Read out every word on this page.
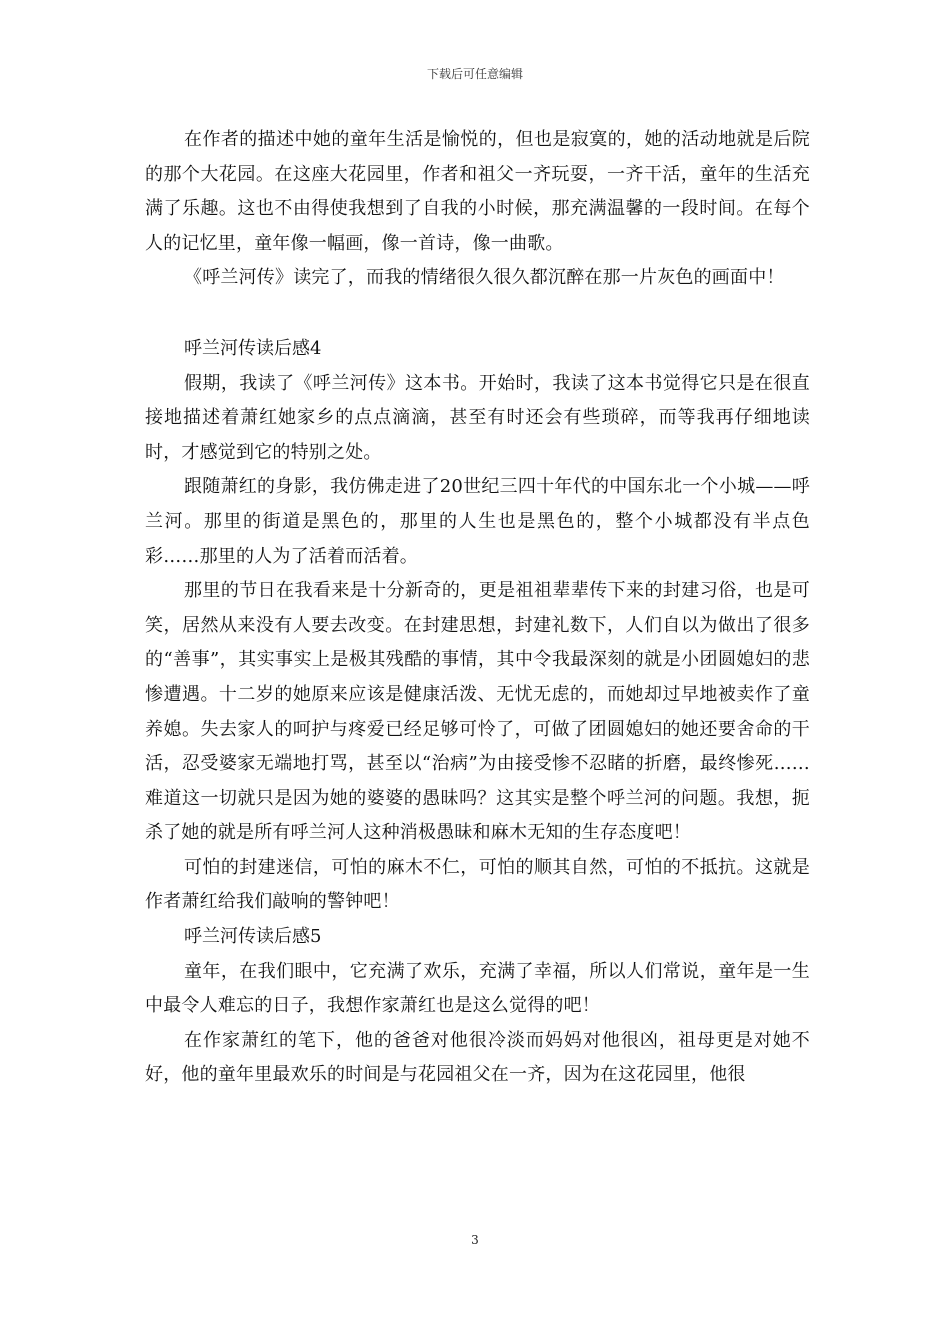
下载后可任意编辑

在作者的描述中她的童年生活是愉悦的，但也是寂寞的，她的活动地就是后院的那个大花园。在这座大花园里，作者和祖父一齐玩耍，一齐干活，童年的生活充满了乐趣。这也不由得使我想到了自我的小时候，那充满温馨的一段时间。在每个人的记忆里，童年像一幅画，像一首诗，像一曲歌。

《呼兰河传》读完了，而我的情绪很久很久都沉醉在那一片灰色的画面中！

呼兰河传读后感4

假期，我读了《呼兰河传》这本书。开始时，我读了这本书觉得它只是在很直接地描述着萧红她家乡的点点滴滴，甚至有时还会有些琐碎，而等我再仔细地读时，才感觉到它的特别之处。

跟随萧红的身影，我仿佛走进了20世纪三四十年代的中国东北一个小城——呼兰河。那里的街道是黑色的，那里的人生也是黑色的，整个小城都没有半点色彩……那里的人为了活着而活着。

那里的节日在我看来是十分新奇的，更是祖祖辈辈传下来的封建习俗，也是可笑，居然从来没有人要去改变。在封建思想，封建礼数下，人们自以为做出了很多的“善事”，其实事实上是极其残酷的事情，其中令我最深刻的就是小团圆媳妇的悲惨遭遇。十二岁的她原来应该是健康活泼、无忧无虑的，而她却过早地被卖作了童养媳。失去家人的呵护与疼爱已经足够可怜了，可做了团圆媳妇的她还要舍命的干活，忍受婆家无端地打骂，甚至以“治病”为由接受惨不忍睹的折磨，最终惨死……难道这一切就只是因为她的婆婆的愚昧吗？这其实是整个呼兰河的问题。我想，扼杀了她的就是所有呼兰河人这种消极愚昧和麻木无知的生存态度吧！

可怕的封建迷信，可怕的麻木不仁，可怕的顺其自然，可怕的不抵抗。这就是作者萧红给我们敲响的警钟吧！

呼兰河传读后感5

童年，在我们眼中，它充满了欢乐，充满了幸福，所以人们常说，童年是一生中最令人难忘的日子，我想作家萧红也是这么觉得的吧！

在作家萧红的笔下，他的爸爸对他很冷淡而妈妈对他很凶，祖母更是对她不好，他的童年里最欢乐的时间是与花园祖父在一齐，因为在这花园里，他很

3
